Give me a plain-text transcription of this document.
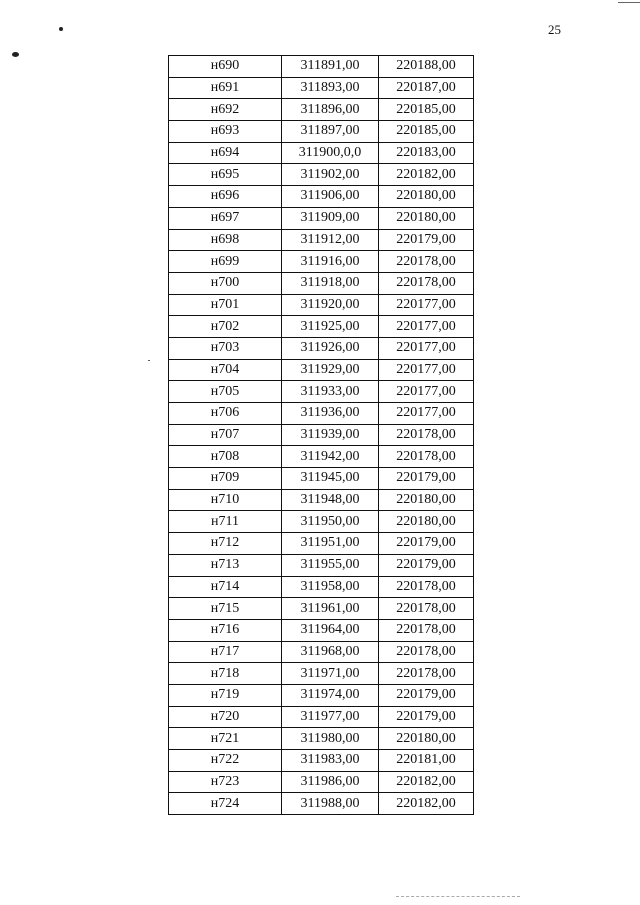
25
н690	311891,00	220188,00
н691	311893,00	220187,00
н692	311896,00	220185,00
н693	311897,00	220185,00
н694	311900,0,0	220183,00
н695	311902,00	220182,00
н696	311906,00	220180,00
н697	311909,00	220180,00
н698	311912,00	220179,00
н699	311916,00	220178,00
н700	311918,00	220178,00
н701	311920,00	220177,00
н702	311925,00	220177,00
н703	311926,00	220177,00
н704	311929,00	220177,00
н705	311933,00	220177,00
н706	311936,00	220177,00
н707	311939,00	220178,00
н708	311942,00	220178,00
н709	311945,00	220179,00
н710	311948,00	220180,00
н711	311950,00	220180,00
н712	311951,00	220179,00
н713	311955,00	220179,00
н714	311958,00	220178,00
н715	311961,00	220178,00
н716	311964,00	220178,00
н717	311968,00	220178,00
н718	311971,00	220178,00
н719	311974,00	220179,00
н720	311977,00	220179,00
н721	311980,00	220180,00
н722	311983,00	220181,00
н723	311986,00	220182,00
н724	311988,00	220182,00
